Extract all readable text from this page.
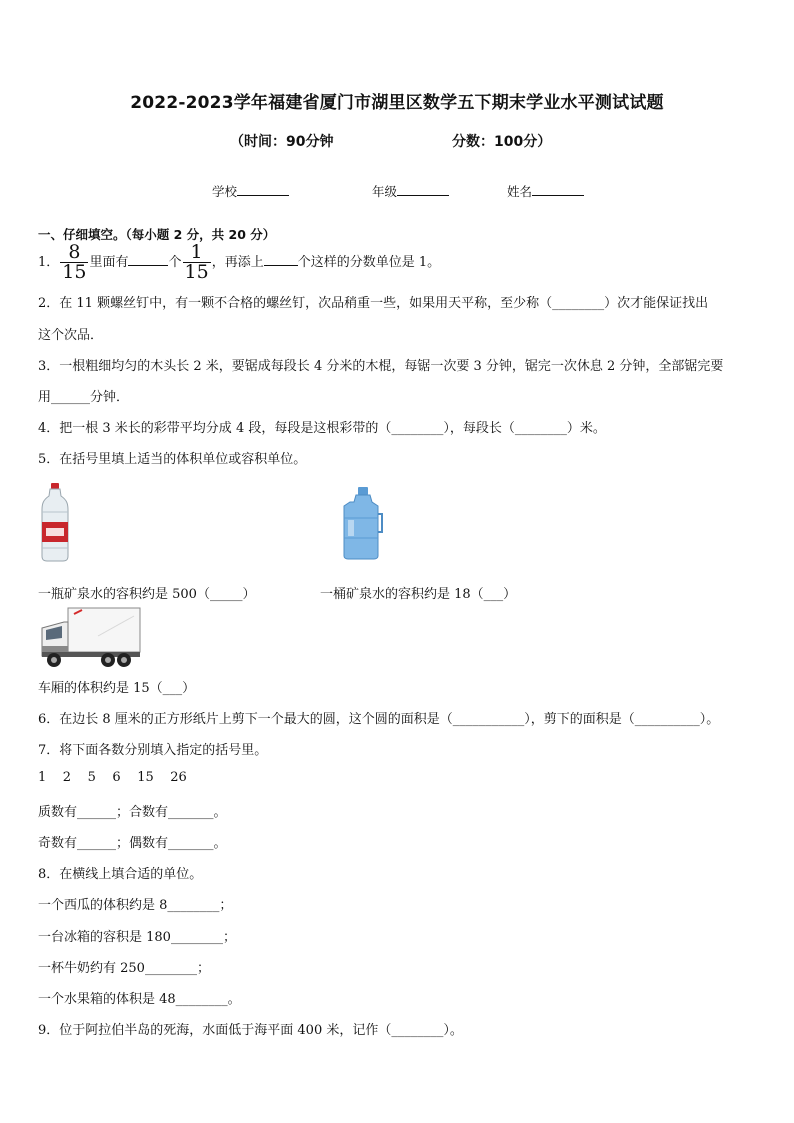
2022-2023学年福建省厦门市湖里区数学五下期末学业水平测试试题
（时间：90分钟	分数：100分）
学校	年级	姓名
一、仔细填空。（每小题 2 分，共 20 分）
1． $\frac{8}{15}$ 里面有	个 $\frac{1}{15}$ ，再添上	个这样的分数单位是 1。
2．在 11 颗螺丝钉中，有一颗不合格的螺丝钉，次品稍重一些，如果用天平称，至少称（________）次才能保证找出
这个次品．
3．一根粗细均匀的木头长 2 米，要锯成每段长 4 分米的木棍，每锯一次要 3 分钟，锯完一次休息 2 分钟，全部锯完要
用______分钟．
4．把一根 3 米长的彩带平均分成 4 段，每段是这根彩带的（________），每段长（________）米。
5．在括号里填上适当的体积单位或容积单位。
一瓶矿泉水的容积约是 500（_____）	一桶矿泉水的容积约是 18（___）
车厢的体积约是 15（___）
6．在边长 8 厘米的正方形纸片上剪下一个最大的圆，这个圆的面积是（___________），剪下的面积是（__________）。
7．将下面各数分别填入指定的括号里。
1    2    5    6    15    26
质数有______；合数有_______。
奇数有______；偶数有_______。
8．在横线上填合适的单位。
一个西瓜的体积约是 8________；
一台冰箱的容积是 180________；
一杯牛奶约有 250________；
一个水果箱的体积是 48________。
9．位于阿拉伯半岛的死海，水面低于海平面 400 米，记作（________）。
